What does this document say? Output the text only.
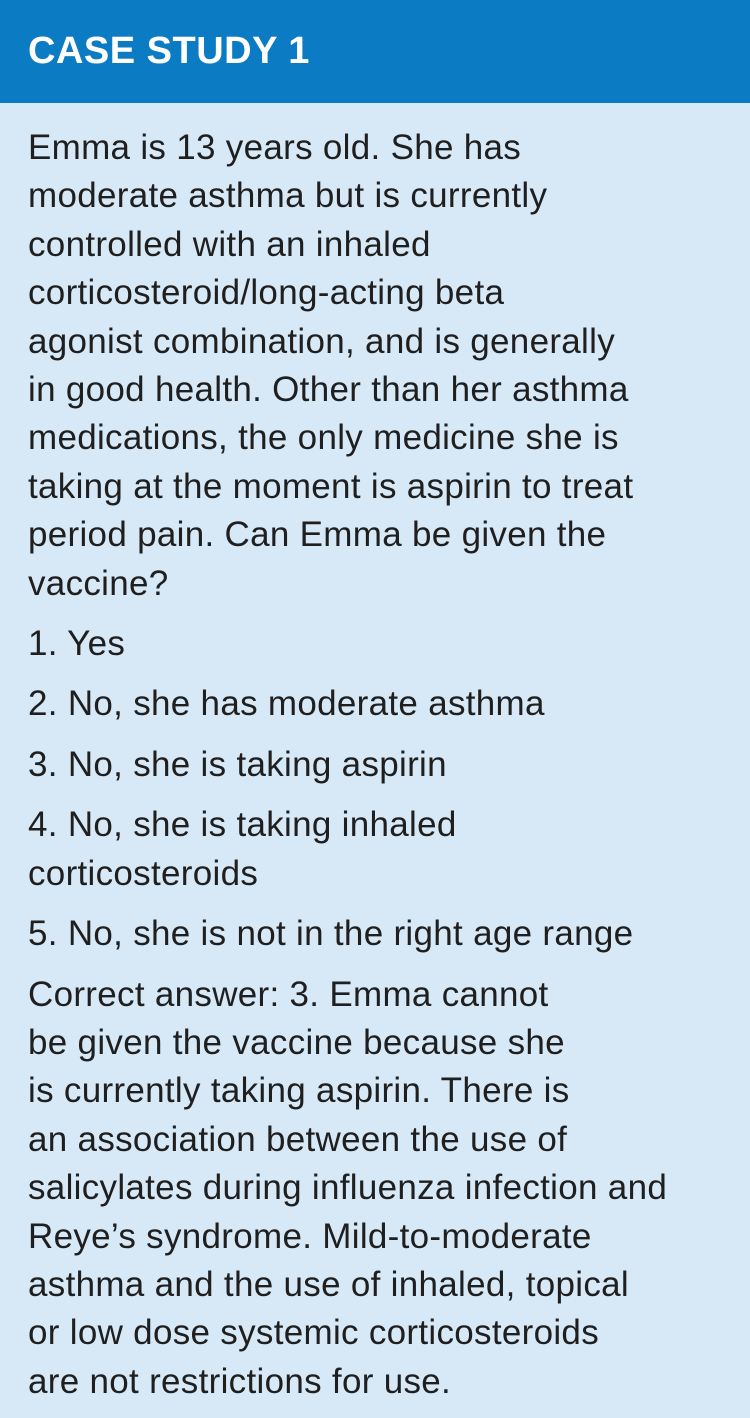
CASE STUDY 1
Emma is 13 years old. She has
moderate asthma but is currently
controlled with an inhaled
corticosteroid/long-acting beta
agonist combination, and is generally
in good health. Other than her asthma
medications, the only medicine she is
taking at the moment is aspirin to treat
period pain. Can Emma be given the
vaccine?
1. Yes
2. No, she has moderate asthma
3. No, she is taking aspirin
4. No, she is taking inhaled
corticosteroids
5. No, she is not in the right age range
Correct answer: 3. Emma cannot
be given the vaccine because she
is currently taking aspirin. There is
an association between the use of
salicylates during influenza infection and
Reye’s syndrome. Mild-to-moderate
asthma and the use of inhaled, topical
or low dose systemic corticosteroids
are not restrictions for use.
